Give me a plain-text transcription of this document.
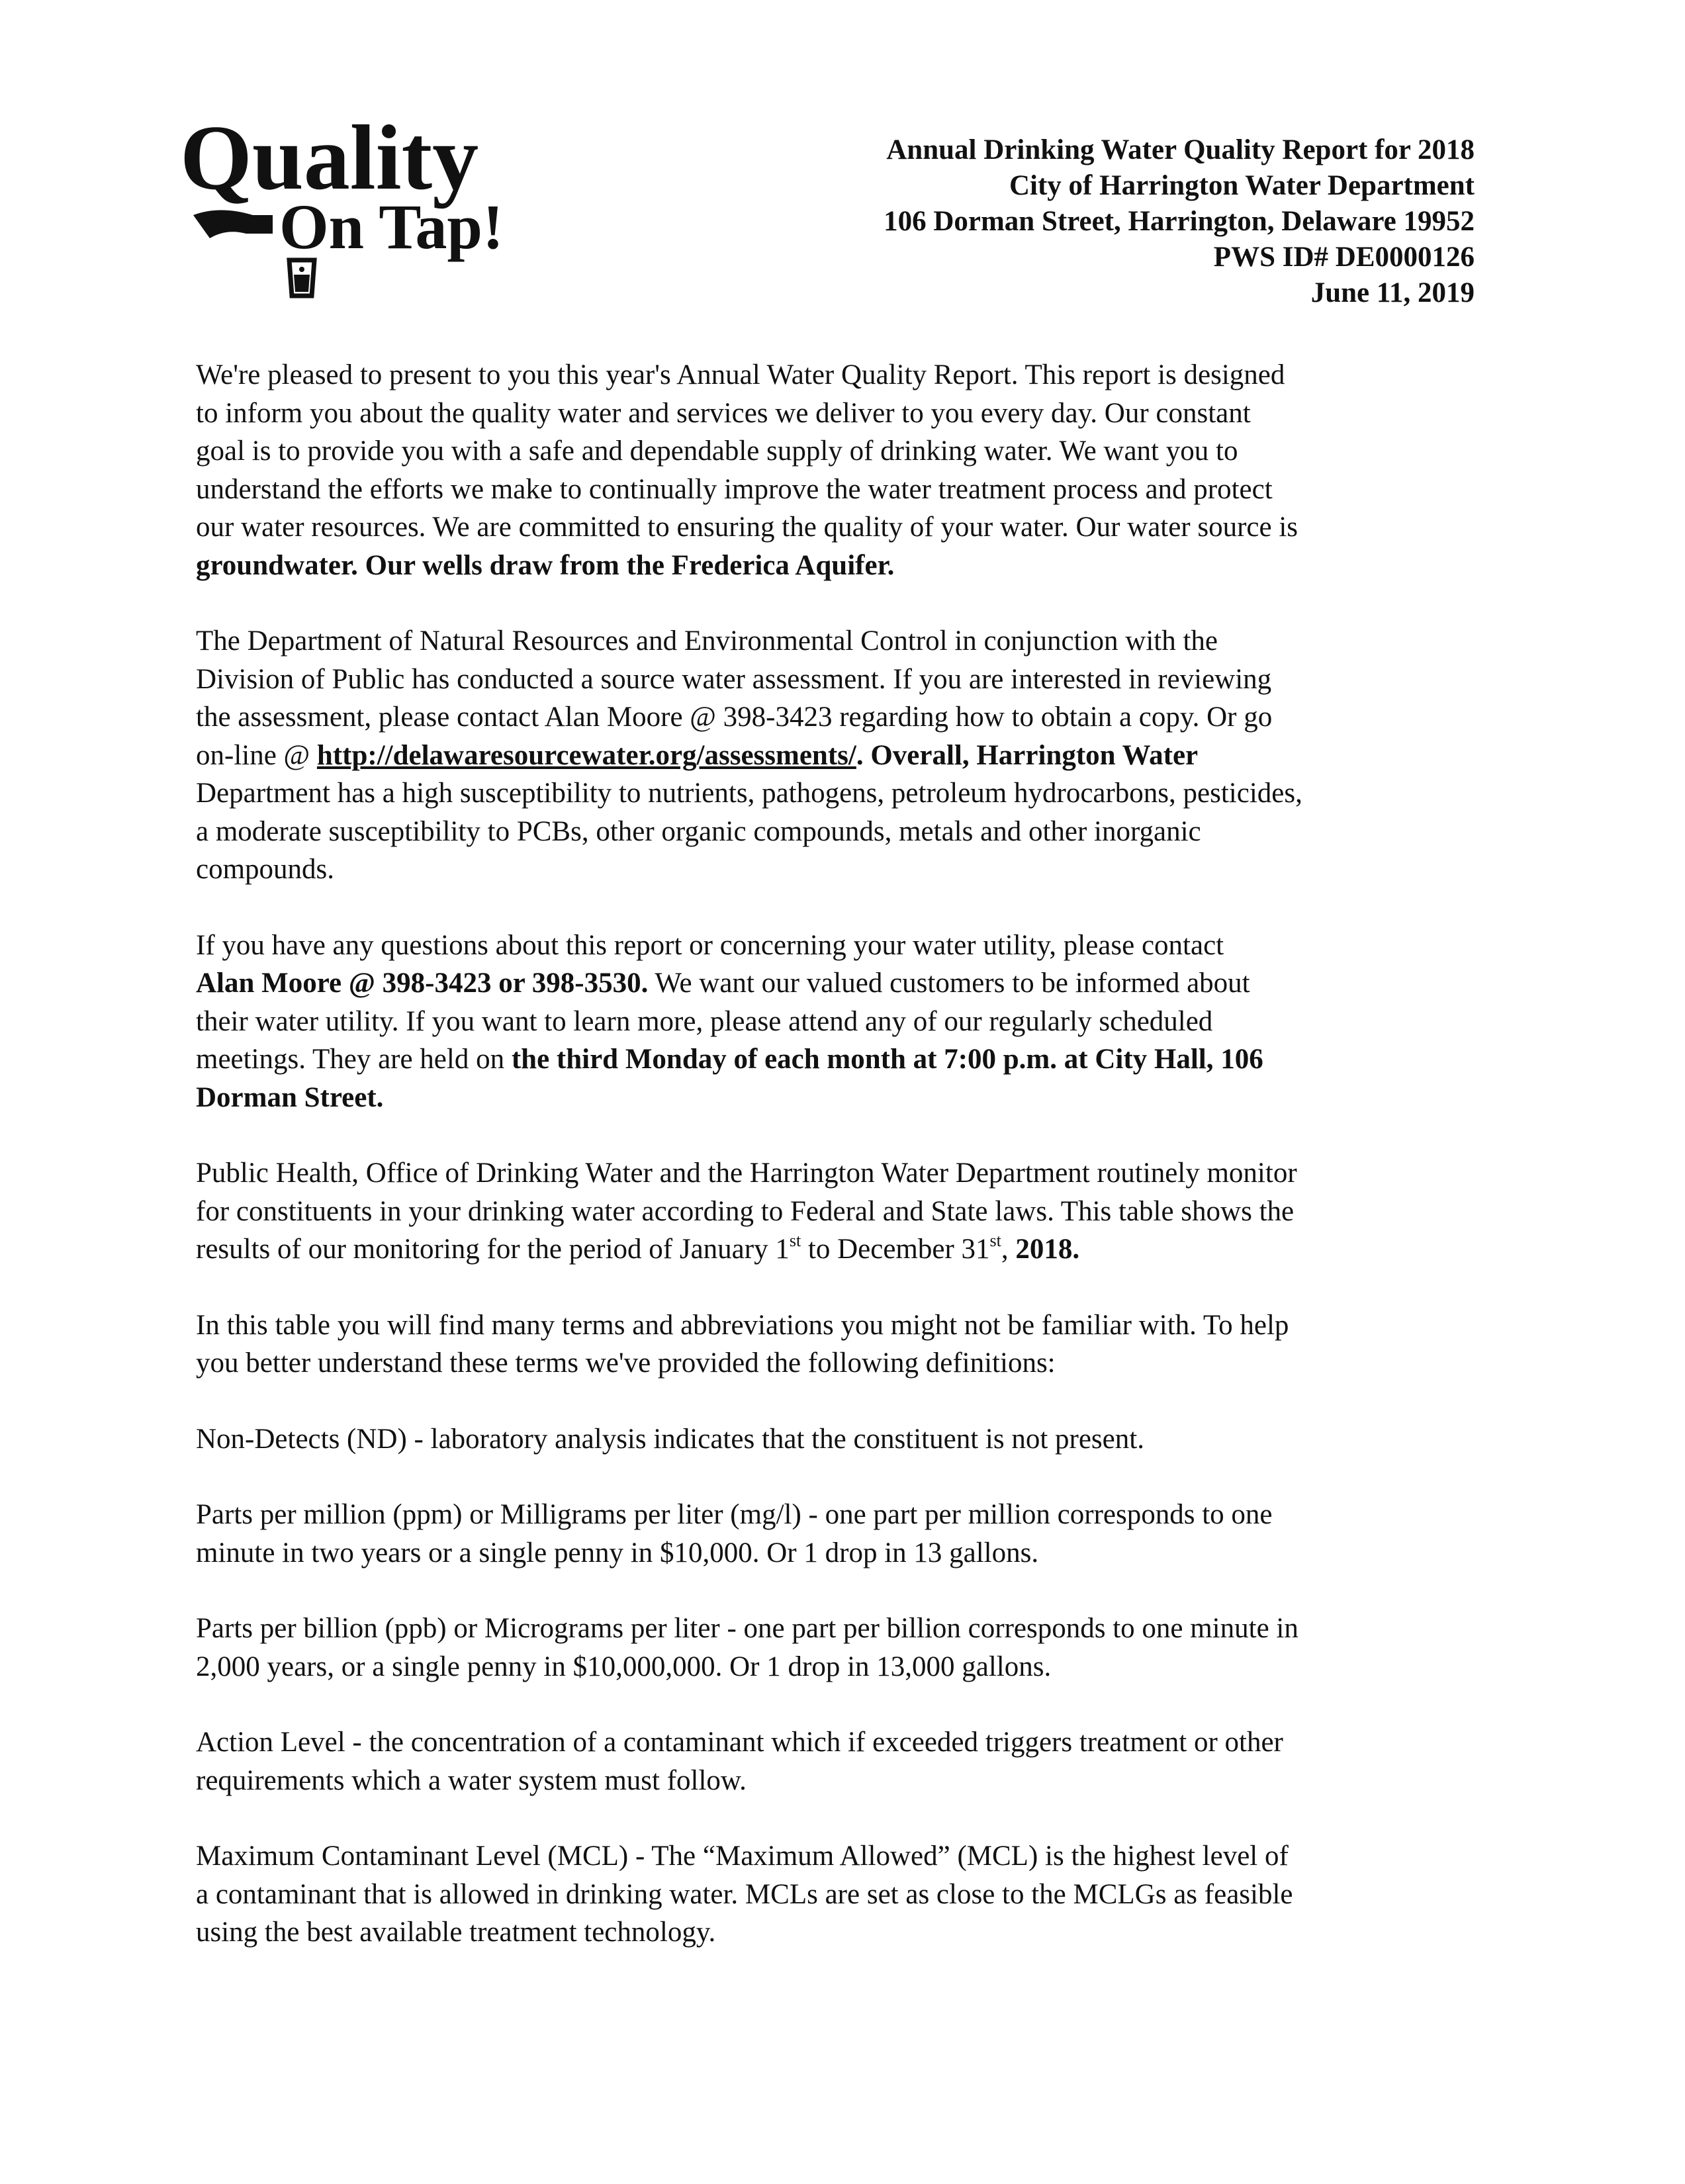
Quality
On Tap!
Annual Drinking Water Quality Report for 2018
City of Harrington Water Department
106 Dorman Street, Harrington, Delaware 19952
PWS ID# DE0000126
June 11, 2019
We're pleased to present to you this year's Annual Water Quality Report. This report is designed
to inform you about the quality water and services we deliver to you every day. Our constant
goal is to provide you with a safe and dependable supply of drinking water. We want you to
understand the efforts we make to continually improve the water treatment process and protect
our water resources. We are committed to ensuring the quality of your water. Our water source is
groundwater. Our wells draw from the Frederica Aquifer.
The Department of Natural Resources and Environmental Control in conjunction with the
Division of Public has conducted a source water assessment. If you are interested in reviewing
the assessment, please contact Alan Moore @ 398-3423 regarding how to obtain a copy. Or go
on-line @ http://delawaresourcewater.org/assessments/. Overall, Harrington Water
Department has a high susceptibility to nutrients, pathogens, petroleum hydrocarbons, pesticides,
a moderate susceptibility to PCBs, other organic compounds, metals and other inorganic
compounds.
If you have any questions about this report or concerning your water utility, please contact
Alan Moore @ 398-3423 or 398-3530. We want our valued customers to be informed about
their water utility. If you want to learn more, please attend any of our regularly scheduled
meetings. They are held on the third Monday of each month at 7:00 p.m. at City Hall, 106
Dorman Street.
Public Health, Office of Drinking Water and the Harrington Water Department routinely monitor
for constituents in your drinking water according to Federal and State laws. This table shows the
results of our monitoring for the period of January 1st to December 31st, 2018.
In this table you will find many terms and abbreviations you might not be familiar with. To help
you better understand these terms we've provided the following definitions:
Non-Detects (ND) - laboratory analysis indicates that the constituent is not present.
Parts per million (ppm) or Milligrams per liter (mg/l) - one part per million corresponds to one
minute in two years or a single penny in $10,000. Or 1 drop in 13 gallons.
Parts per billion (ppb) or Micrograms per liter - one part per billion corresponds to one minute in
2,000 years, or a single penny in $10,000,000. Or 1 drop in 13,000 gallons.
Action Level - the concentration of a contaminant which if exceeded triggers treatment or other
requirements which a water system must follow.
Maximum Contaminant Level (MCL) - The “Maximum Allowed” (MCL) is the highest level of
a contaminant that is allowed in drinking water. MCLs are set as close to the MCLGs as feasible
using the best available treatment technology.
